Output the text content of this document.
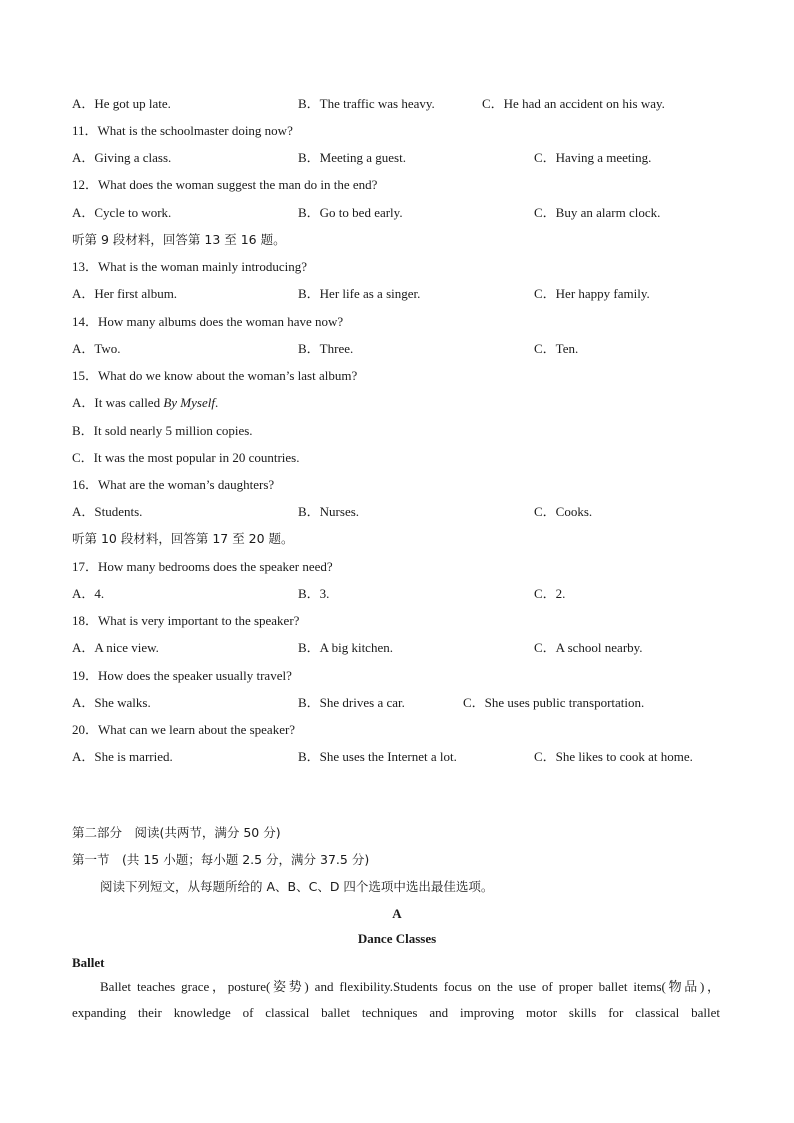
A．He got up late.	B．The traffic was heavy.	C．He had an accident on his way.
11．What is the schoolmaster doing now?
A．Giving a class.	B．Meeting a guest.	C．Having a meeting.
12．What does the woman suggest the man do in the end?
A．Cycle to work.	B．Go to bed early.	C．Buy an alarm clock.
听第 9 段材料，回答第 13 至 16 题。
13．What is the woman mainly introducing?
A．Her first album.	B．Her life as a singer.	C．Her happy family.
14．How many albums does the woman have now?
A．Two.	B．Three.	C．Ten.
15．What do we know about the woman’s last album?
A．It was called By Myself.
B．It sold nearly 5 million copies.
C．It was the most popular in 20 countries.
16．What are the woman’s daughters?
A．Students.	B．Nurses.	C．Cooks.
听第 10 段材料，回答第 17 至 20 题。
17．How many bedrooms does the speaker need?
A．4.	B．3.	C．2.
18．What is very important to the speaker?
A．A nice view.	B．A big kitchen.	C．A school nearby.
19．How does the speaker usually travel?
A．She walks.	B．She drives a car.	C．She uses public transportation.
20．What can we learn about the speaker?
A．She is married.	B．She uses the Internet a lot.	C．She likes to cook at home.
第二部分　阅读(共两节，满分 50 分)
第一节　(共 15 小题；每小题 2.5 分，满分 37.5 分)
阅读下列短文，从每题所给的 A、B、C、D 四个选项中选出最佳选项。
A
Dance Classes
Ballet
Ballet teaches grace，posture(姿势) and flexibility.Students focus on the use of proper ballet items(物品)，
expanding their knowledge of classical ballet techniques and improving motor skills for classical ballet
